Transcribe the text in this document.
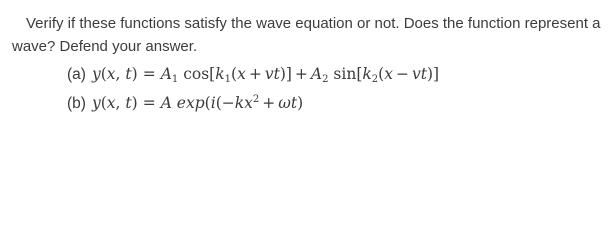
Verify if these functions satisfy the wave equation or not. Does the function represent a wave? Defend your answer.

(a) y(x, $t) = A_1$ $\cos[k_1(x + vt)] + A_2$ $\sin[k_2(x - vt)]$
(b) y(x, t) = A $\exp(i(-kx^2 + \omega t)$
